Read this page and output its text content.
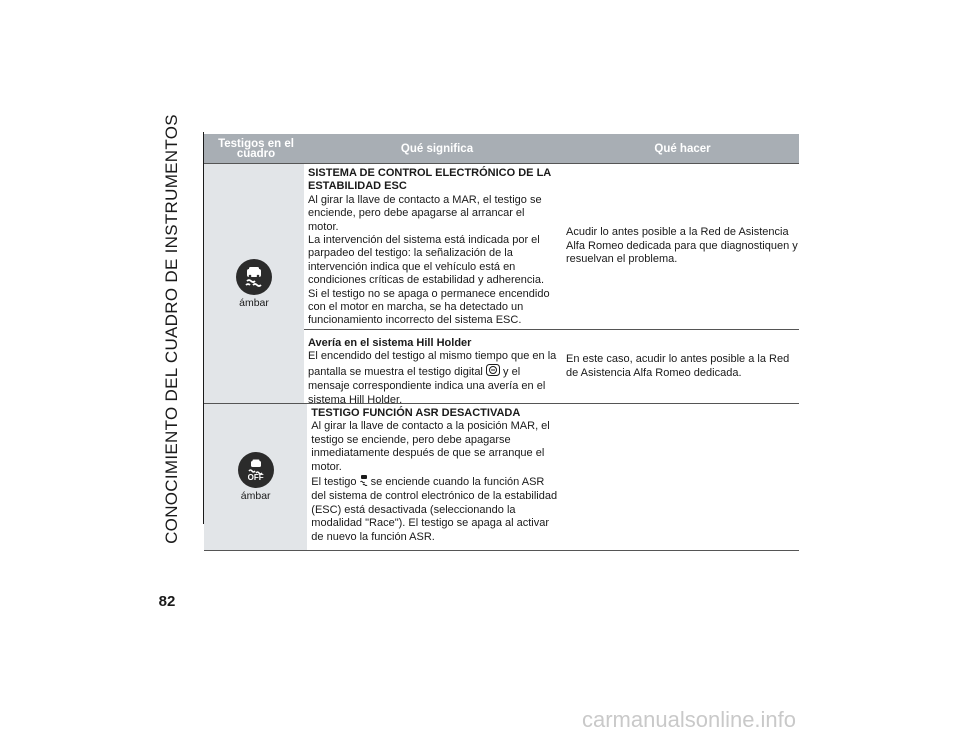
CONOCIMIENTO DEL CUADRO DE INSTRUMENTOS
82
Testigos en el cuadro	Qué significa	Qué hacer
ámbar
SISTEMA DE CONTROL ELECTRÓNICO DE LA ESTABILIDAD ESC
Al girar la llave de contacto a MAR, el testigo se enciende, pero debe apagarse al arrancar el motor.
La intervención del sistema está indicada por el parpadeo del testigo: la señalización de la intervención indica que el vehículo está en condiciones críticas de estabilidad y adherencia.
Si el testigo no se apaga o permanece encendido con el motor en marcha, se ha detectado un funcionamiento incorrecto del sistema ESC.
Acudir lo antes posible a la Red de Asistencia Alfa Romeo dedicada para que diagnostiquen y resuelvan el problema.
Avería en el sistema Hill Holder
El encendido del testigo al mismo tiempo que en la pantalla se muestra el testigo digital y el mensaje correspondiente indica una avería en el sistema Hill Holder.
En este caso, acudir lo antes posible a la Red de Asistencia Alfa Romeo dedicada.
OFF
ámbar
TESTIGO FUNCIÓN ASR DESACTIVADA
Al girar la llave de contacto a la posición MAR, el testigo se enciende, pero debe apagarse inmediatamente después de que se arranque el motor.
El testigo se enciende cuando la función ASR del sistema de control electrónico de la estabilidad (ESC) está desactivada (seleccionando la modalidad "Race"). El testigo se apaga al activar de nuevo la función ASR.
carmanualsonline.info
